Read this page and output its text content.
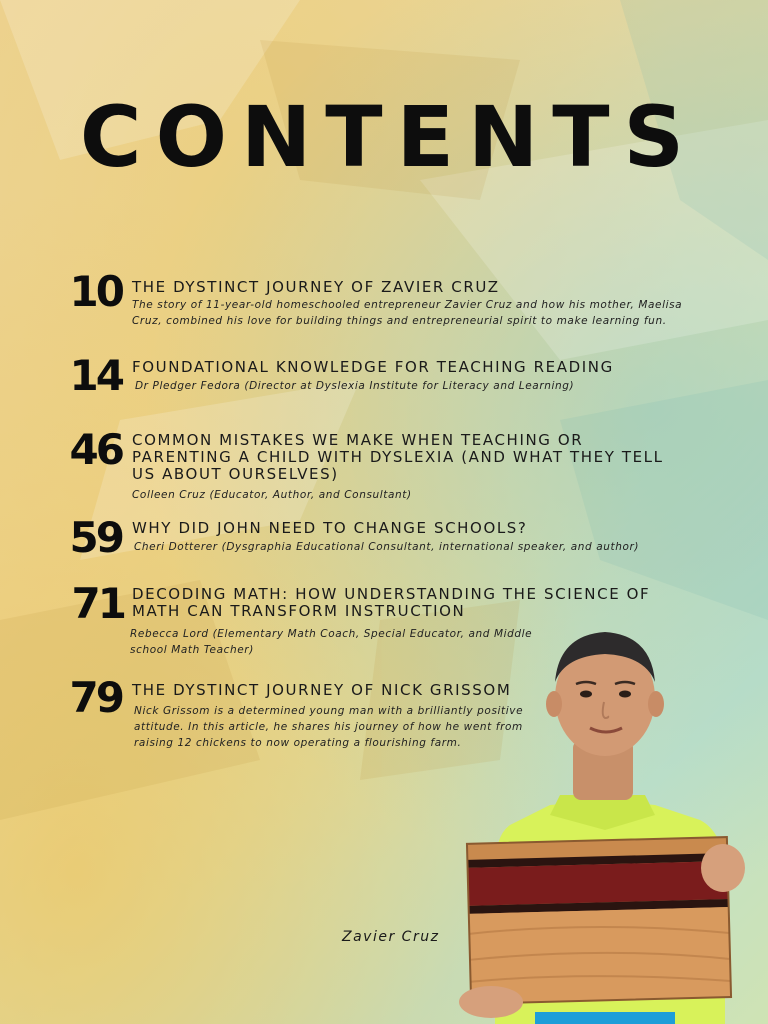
CONTENTS
10 THE DYSTINCT JOURNEY OF ZAVIER CRUZ
The story of 11-year-old homeschooled entrepreneur Zavier Cruz and how his mother, Maelisa Cruz, combined his love for building things and entrepreneurial spirit to make learning fun.
14 FOUNDATIONAL KNOWLEDGE FOR TEACHING READING
Dr Pledger Fedora (Director at Dyslexia Institute for Literacy and Learning)
46 COMMON MISTAKES WE MAKE WHEN TEACHING OR PARENTING A CHILD WITH DYSLEXIA (AND WHAT THEY TELL US ABOUT OURSELVES)
Colleen Cruz (Educator, Author, and Consultant)
59 WHY DID JOHN NEED TO CHANGE SCHOOLS?
Cheri Dotterer (Dysgraphia Educational Consultant, international speaker, and author)
71 DECODING MATH: HOW UNDERSTANDING THE SCIENCE OF MATH CAN TRANSFORM INSTRUCTION
Rebecca Lord (Elementary Math Coach, Special Educator, and Middle school Math Teacher)
79 THE DYSTINCT JOURNEY OF NICK GRISSOM
Nick Grissom is a determined young man with a brilliantly positive attitude. In this article, he shares his journey of how he went from raising 12 chickens to now operating a flourishing farm.
Zavier Cruz
